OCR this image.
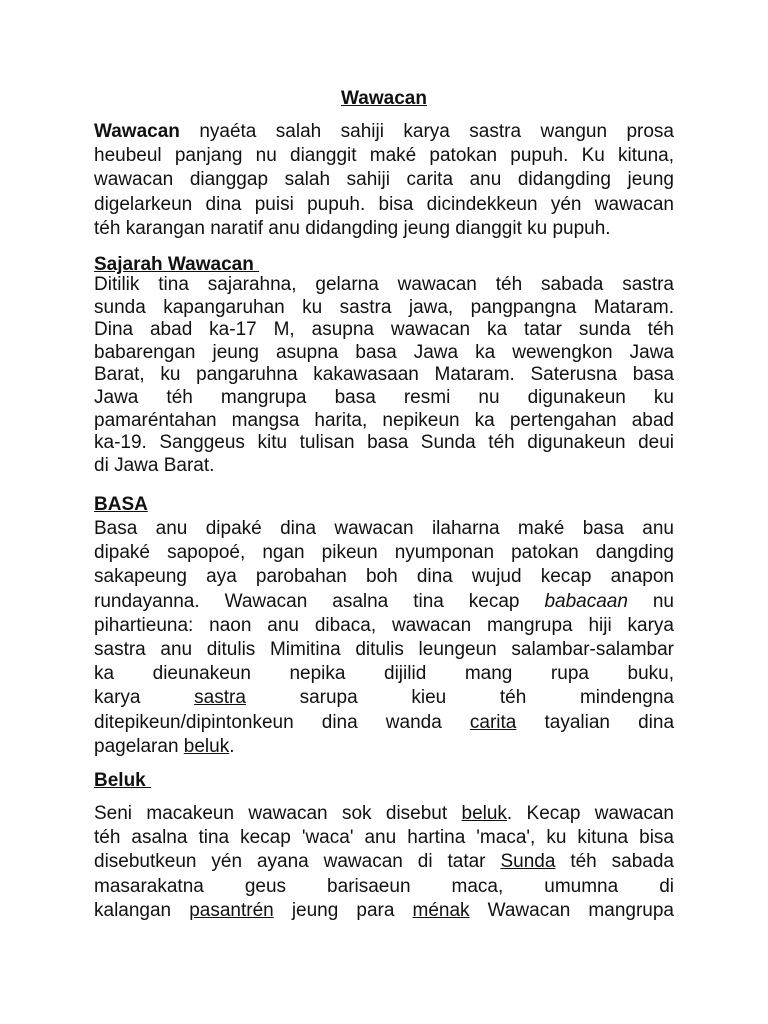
Wawacan
Wawacan nyaéta salah sahiji karya sastra wangun prosa
heubeul panjang nu dianggit maké patokan pupuh. Ku kituna,
wawacan dianggap salah sahiji carita anu didangding jeung
digelarkeun dina puisi pupuh. bisa dicindekkeun yén wawacan
téh karangan naratif anu didangding jeung dianggit ku pupuh.
Sajarah Wawacan
Ditilik tina sajarahna, gelarna wawacan téh sabada sastra
sunda kapangaruhan ku sastra jawa, pangpangna Mataram.
Dina abad ka-17 M, asupna wawacan ka tatar sunda téh
babarengan jeung asupna basa Jawa ka wewengkon Jawa
Barat, ku pangaruhna kakawasaan Mataram. Saterusna basa
Jawa téh mangrupa basa resmi nu digunakeun ku
pamaréntahan mangsa harita, nepikeun ka pertengahan abad
ka-19. Sanggeus kitu tulisan basa Sunda téh digunakeun deui
di Jawa Barat.
BASA
Basa anu dipaké dina wawacan ilaharna maké basa anu
dipaké sapopoé, ngan pikeun nyumponan patokan dangding
sakapeung aya parobahan boh dina wujud kecap anapon
rundayanna. Wawacan asalna tina kecap babacaan nu
pihartieuna: naon anu dibaca, wawacan mangrupa hiji karya
sastra anu ditulis Mimitina ditulis leungeun salambar-salambar
ka dieunakeun nepika dijilid mang rupa buku,
karya sastra sarupa kieu téh mindengna
ditepikeun/dipintonkeun dina wanda carita tayalian dina
pagelaran beluk.
Beluk
Seni macakeun wawacan sok disebut beluk. Kecap wawacan
téh asalna tina kecap 'waca' anu hartina 'maca', ku kituna bisa
disebutkeun yén ayana wawacan di tatar Sunda téh sabada
masarakatna geus barisaeun maca, umumna di
kalangan pasantrén jeung para ménak Wawacan mangrupa
